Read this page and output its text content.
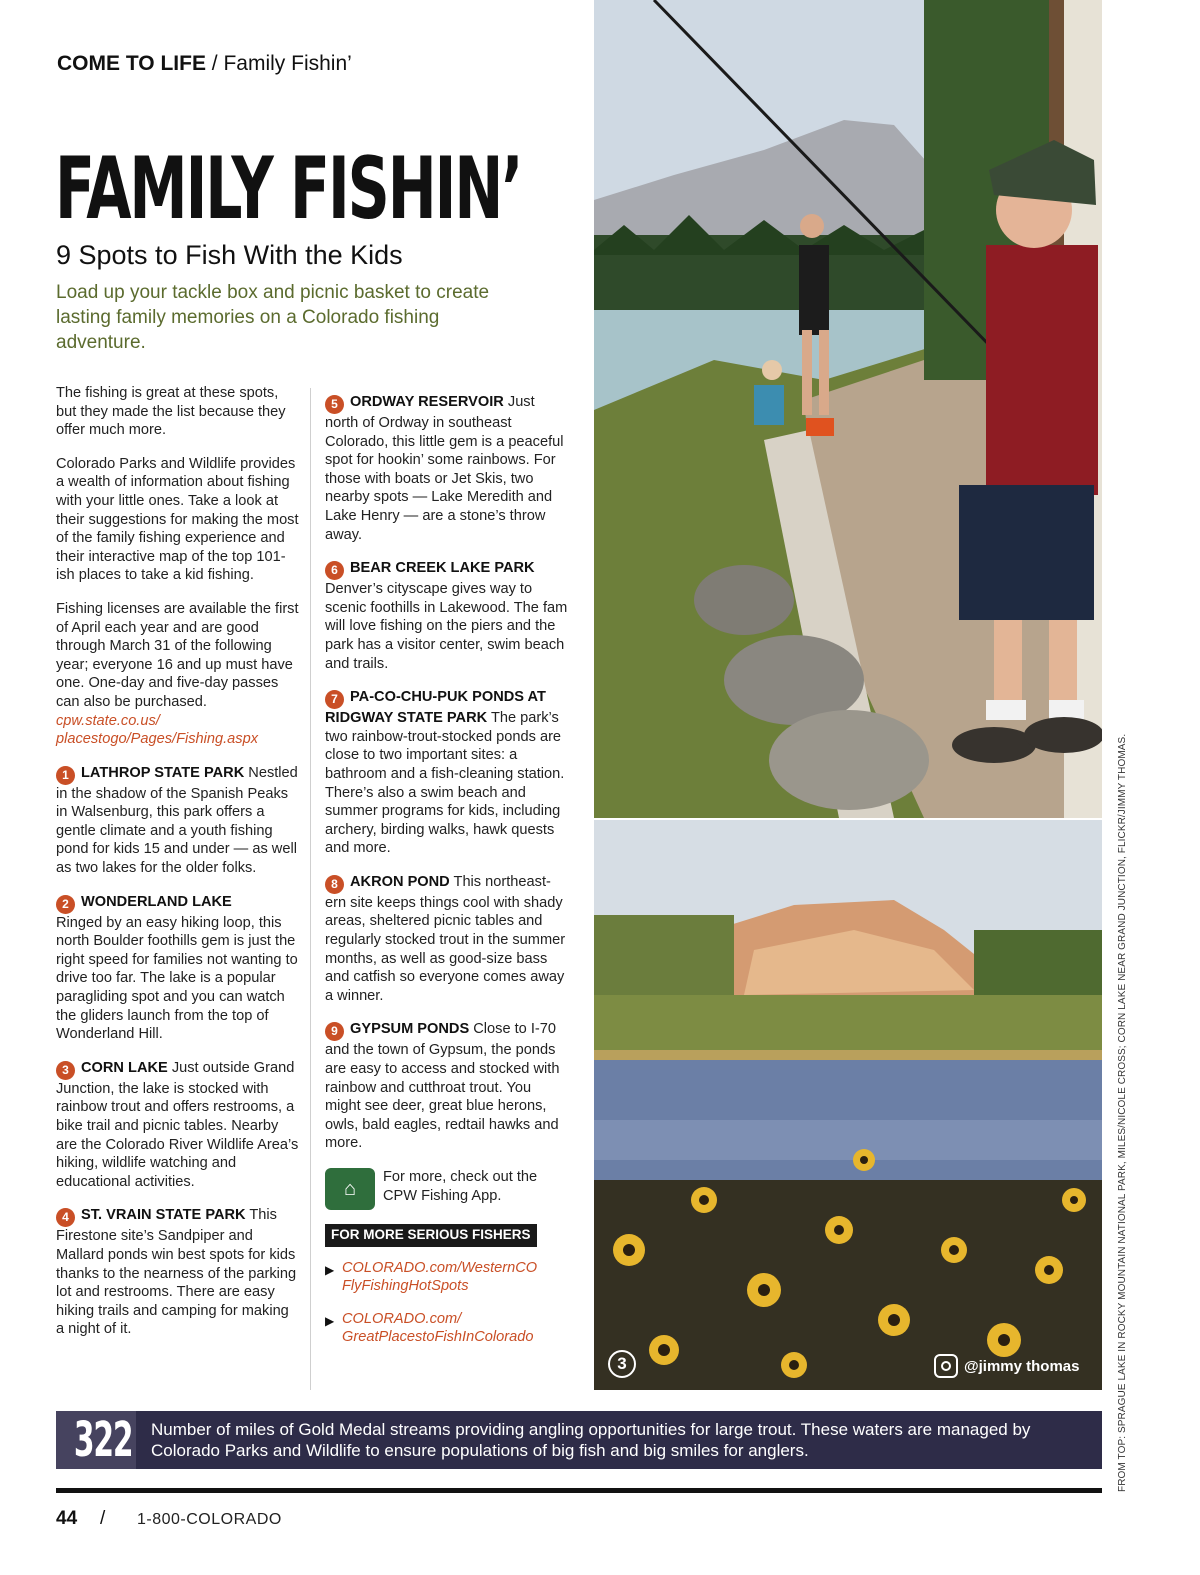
COME TO LIFE / Family Fishin’
FAMILY FISHIN’
9 Spots to Fish With the Kids
Load up your tackle box and picnic basket to create lasting family memories on a Colorado fishing adventure.

The fishing is great at these spots, but they made the list because they offer much more.

Colorado Parks and Wildlife provides a wealth of information about fishing with your little ones. Take a look at their suggestions for making the most of the family fishing experience and their interactive map of the top 101-ish places to take a kid fishing.

Fishing licenses are available the first of April each year and are good through March 31 of the following year; everyone 16 and up must have one. One-day and five-day passes can also be purchased. cpw.state.co.us/ placestogo/Pages/Fishing.aspx

1 LATHROP STATE PARK Nestled in the shadow of the Spanish Peaks in Walsenburg, this park offers a gentle climate and a youth fishing pond for kids 15 and under — as well as two lakes for the older folks.
2 WONDERLAND LAKE
Ringed by an easy hiking loop, this north Boulder foothills gem is just the right speed for families not wanting to drive too far. The lake is a popular paragliding spot and you can watch the gliders launch from the top of Wonderland Hill.
3 CORN LAKE Just outside Grand Junction, the lake is stocked with rainbow trout and offers restrooms, a bike trail and picnic tables. Nearby are the Colorado River Wildlife Area’s hiking, wildlife watching and educational activities.
4 ST. VRAIN STATE PARK This Firestone site’s Sandpiper and Mallard ponds win best spots for kids thanks to the nearness of the parking lot and restrooms. There are easy hiking trails and camping for making a night of it.
5 ORDWAY RESERVOIR Just north of Ordway in southeast Colorado, this little gem is a peaceful spot for hookin’ some rainbows. For those with boats or Jet Skis, two nearby spots — Lake Meredith and Lake Henry — are a stone’s throw away.
6 BEAR CREEK LAKE PARK
Denver’s cityscape gives way to scenic foothills in Lakewood. The fam will love fishing on the piers and the park has a visitor center, swim beach and trails.
7 PA-CO-CHU-PUK PONDS AT RIDGWAY STATE PARK The park’s two rainbow-trout-stocked ponds are close to two important sites: a bathroom and a fish-cleaning station. There’s also a swim beach and summer programs for kids, including archery, birding walks, hawk quests and more.
8 AKRON POND This northeast-ern site keeps things cool with shady areas, sheltered picnic tables and regularly stocked trout in the summer months, as well as good-size bass and catfish so everyone comes away a winner.
9 GYPSUM PONDS Close to I-70 and the town of Gypsum, the ponds are easy to access and stocked with rainbow and cutthroat trout. You might see deer, great blue herons, owls, bald eagles, redtail hawks and more.
⌂
For more, check out the CPW Fishing App.
FOR MORE SERIOUS FISHERS
▶ COLORADO.com/WesternCO FlyFishingHotSpots
▶ COLORADO.com/ GreatPlacestoFishInColorado
3	@jimmy thomas	FROM TOP: SPRAGUE LAKE IN ROCKY MOUNTAIN NATIONAL PARK, MILES/NICOLE CROSS; CORN LAKE NEAR GRAND JUNCTION, FLICKR/JIMMY THOMAS.
322 Number of miles of Gold Medal streams providing angling opportunities for large trout. These waters are managed by Colorado Parks and Wildlife to ensure populations of big fish and big smiles for anglers.
44 / 1-800-COLORADO
